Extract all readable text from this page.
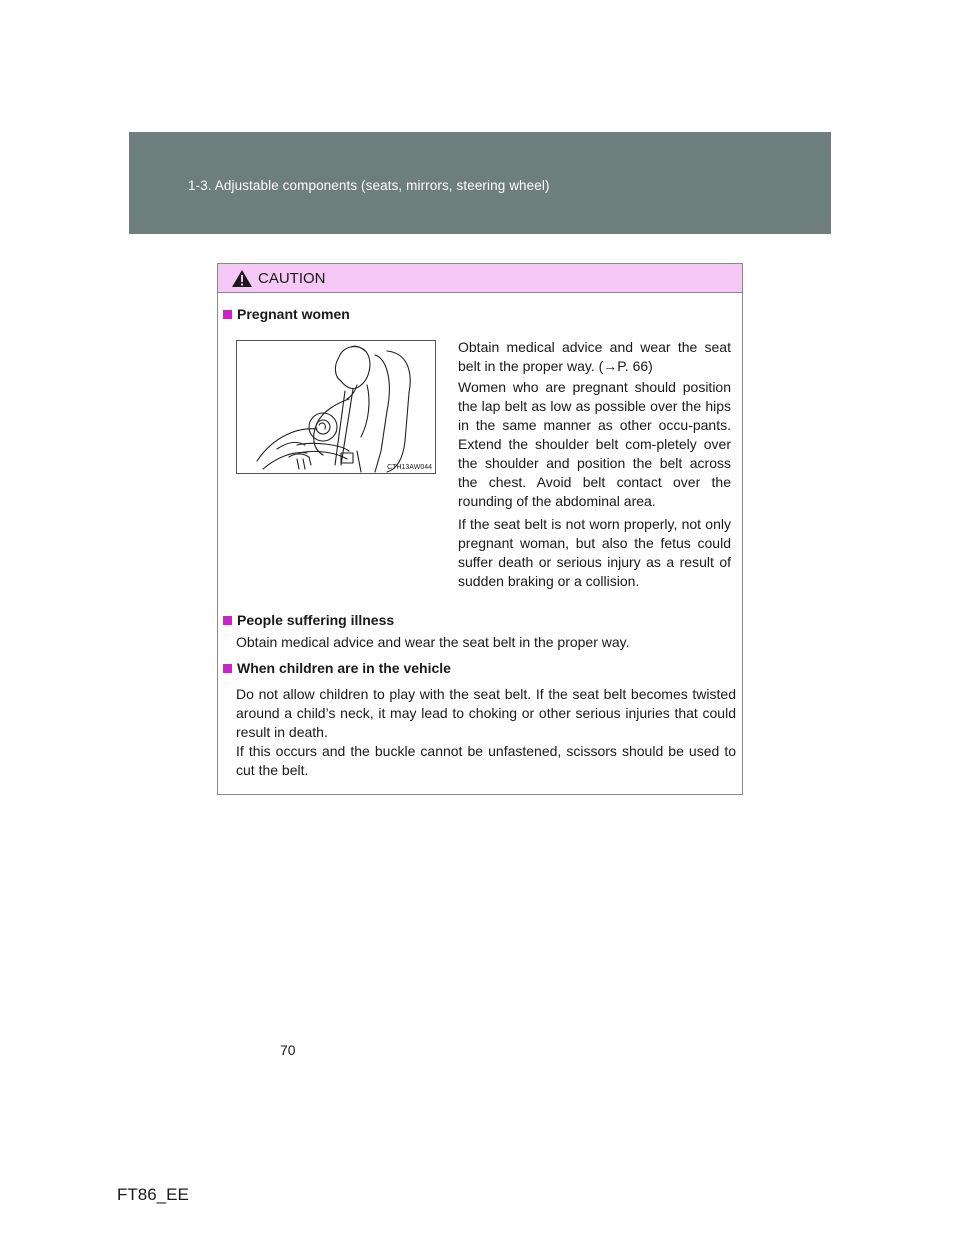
1-3. Adjustable components (seats, mirrors, steering wheel)
CAUTION
Pregnant women
CTH13AW044
Obtain medical advice and wear the seat belt in the proper way. (→P. 66)
Women who are pregnant should position the lap belt as low as possible over the hips in the same manner as other occu-pants. Extend the shoulder belt com-pletely over the shoulder and position the belt across the chest. Avoid belt contact over the rounding of the abdominal area.
If the seat belt is not worn properly, not only pregnant woman, but also the fetus could suffer death or serious injury as a result of sudden braking or a collision.
People suffering illness
Obtain medical advice and wear the seat belt in the proper way.
When children are in the vehicle
Do not allow children to play with the seat belt. If the seat belt becomes twisted around a child’s neck, it may lead to choking or other serious injuries that could result in death.
If this occurs and the buckle cannot be unfastened, scissors should be used to cut the belt.
70
FT86_EE
